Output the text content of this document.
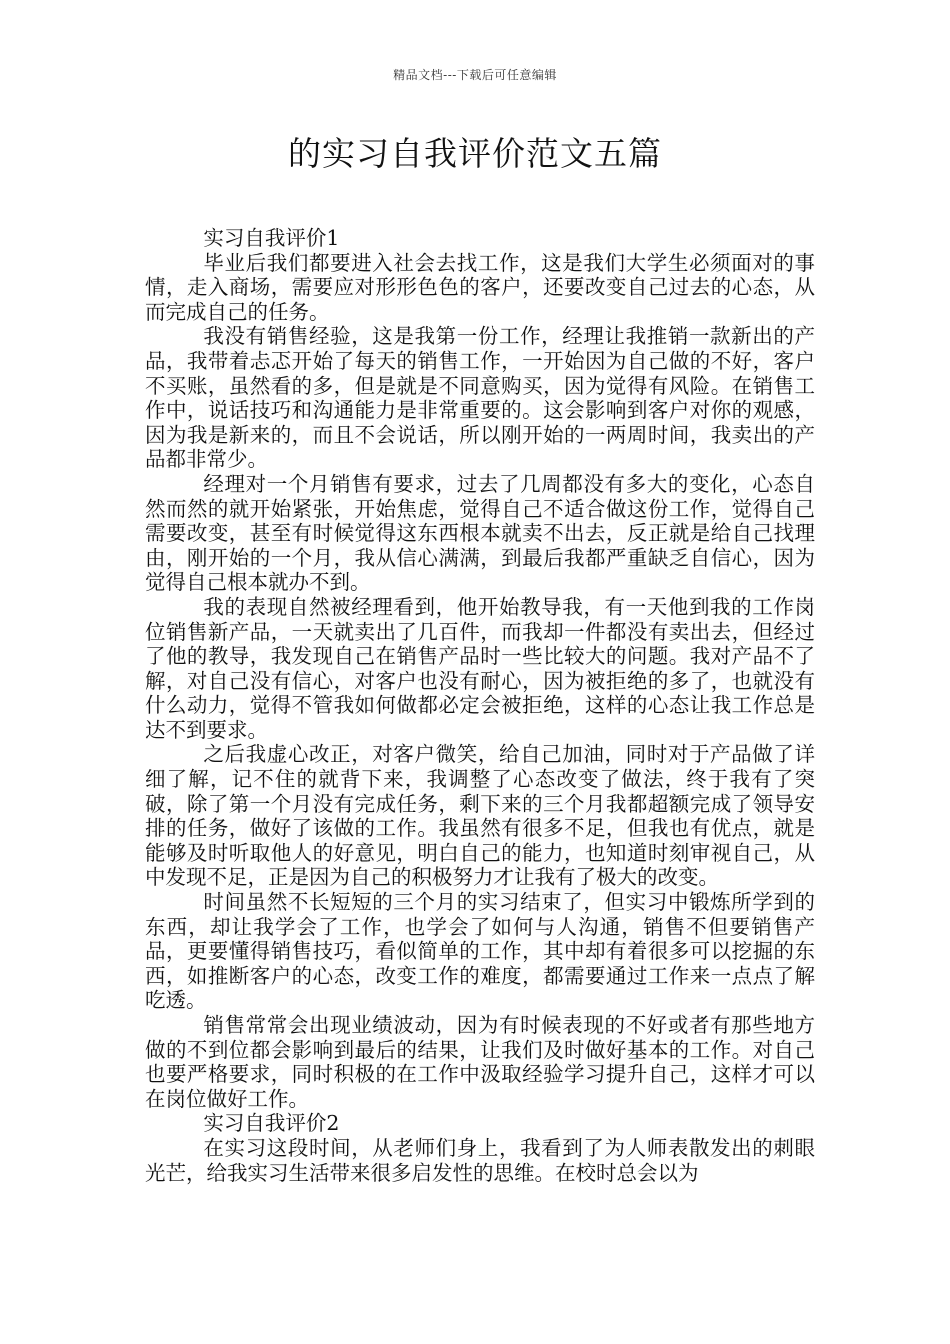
精品文档---下载后可任意编辑
的实习自我评价范文五篇

实习自我评价1

毕业后我们都要进入社会去找工作，这是我们大学生必须面对的事情，走入商场，需要应对形形色色的客户，还要改变自己过去的心态，从而完成自己的任务。

我没有销售经验，这是我第一份工作，经理让我推销一款新出的产品，我带着忐忑开始了每天的销售工作，一开始因为自己做的不好，客户不买账，虽然看的多，但是就是不同意购买，因为觉得有风险。在销售工作中，说话技巧和沟通能力是非常重要的。这会影响到客户对你的观感，因为我是新来的，而且不会说话，所以刚开始的一两周时间，我卖出的产品都非常少。

经理对一个月销售有要求，过去了几周都没有多大的变化，心态自然而然的就开始紧张，开始焦虑，觉得自己不适合做这份工作，觉得自己需要改变，甚至有时候觉得这东西根本就卖不出去，反正就是给自己找理由，刚开始的一个月，我从信心满满，到最后我都严重缺乏自信心，因为觉得自己根本就办不到。

我的表现自然被经理看到，他开始教导我，有一天他到我的工作岗位销售新产品，一天就卖出了几百件，而我却一件都没有卖出去，但经过了他的教导，我发现自己在销售产品时一些比较大的问题。我对产品不了解，对自己没有信心，对客户也没有耐心，因为被拒绝的多了，也就没有什么动力，觉得不管我如何做都必定会被拒绝，这样的心态让我工作总是达不到要求。

之后我虚心改正，对客户微笑，给自己加油，同时对于产品做了详细了解，记不住的就背下来，我调整了心态改变了做法，终于我有了突破，除了第一个月没有完成任务，剩下来的三个月我都超额完成了领导安排的任务，做好了该做的工作。我虽然有很多不足，但我也有优点，就是能够及时听取他人的好意见，明白自己的能力，也知道时刻审视自己，从中发现不足，正是因为自己的积极努力才让我有了极大的改变。

时间虽然不长短短的三个月的实习结束了，但实习中锻炼所学到的东西，却让我学会了工作，也学会了如何与人沟通，销售不但要销售产品，更要懂得销售技巧，看似简单的工作，其中却有着很多可以挖掘的东西，如推断客户的心态，改变工作的难度，都需要通过工作来一点点了解吃透。

销售常常会出现业绩波动，因为有时候表现的不好或者有那些地方做的不到位都会影响到最后的结果，让我们及时做好基本的工作。对自己也要严格要求，同时积极的在工作中汲取经验学习提升自己，这样才可以在岗位做好工作。

实习自我评价2

在实习这段时间，从老师们身上，我看到了为人师表散发出的刺眼光芒，给我实习生活带来很多启发性的思维。在校时总会以为
